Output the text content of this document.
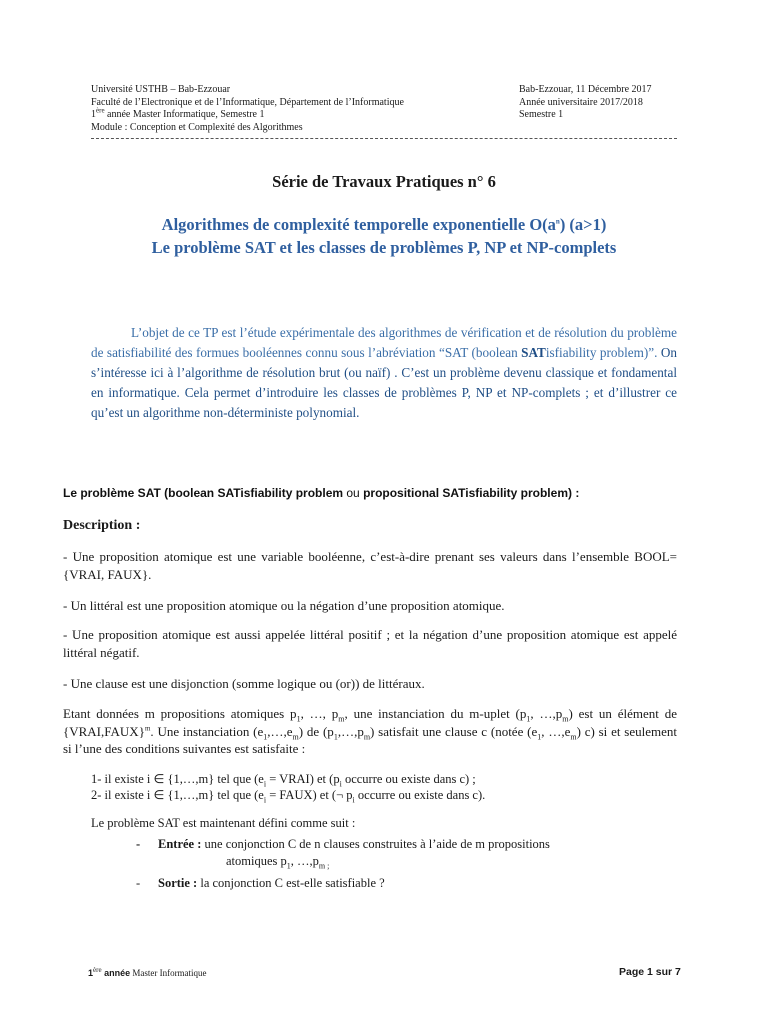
Université USTHB – Bab-Ezzouar
Faculté de l’Electronique et de l’Informatique, Département de l’Informatique
1ère année Master Informatique, Semestre 1
Module : Conception et Complexité des Algorithmes
Bab-Ezzouar, 11 Décembre 2017
Année universitaire 2017/2018
Semestre 1
Série de Travaux Pratiques n° 6
Algorithmes de complexité temporelle exponentielle $O(a^n)$ (a>1)
Le problème SAT et les classes de problèmes P, NP et NP-complets

L’objet de ce TP est l’étude expérimentale des algorithmes de vérification et de résolution du problème de satisfiabilité des formues booléennes connu sous l’abréviation “SAT (boolean SATisfiability problem)”. On s’intéresse ici à l’algorithme de résolution brut (ou naïf) . C’est un problème devenu classique et fondamental en informatique. Cela permet d’introduire les classes de problèmes P, NP et NP-complets ; et d’illustrer ce qu’est un algorithme non-déterministe polynomial.

Le problème SAT (boolean SATisfiability problem ou propositional SATisfiability problem) :
Description :

- Une proposition atomique est une variable booléenne, c’est-à-dire prenant ses valeurs dans l’ensemble BOOL={VRAI, FAUX}.

- Un littéral est une proposition atomique ou la négation d’une proposition atomique.

- Une proposition atomique est aussi appelée littéral positif ; et la négation d’une proposition atomique est appelé littéral négatif.

- Une clause est une disjonction (somme logique ou (or)) de littéraux.

Etant données m propositions atomiques $p_1$, …, $p_m$, une instanciation du m-uplet ($p_1$, $\dots,p_m$) est un élément de {VRAI,FAUX}$^m$. Une instanciation $(e_1,\dots,e_m)$ de $(p_1,\dots,p_m)$ satisfait une clause c (notée ($e_1$, $\dots,e_m$) c) si et seulement si l’une des conditions suivantes est satisfaite :

1- il existe i ∈ {1,…,m} tel que ($e_i$ = VRAI) et ($p_i$ occurre ou existe dans c) ;
2- il existe i ∈ {1,…,m} tel que ($e_i$ = FAUX) et (¬ $p_i$ occurre ou existe dans c).
Le problème SAT est maintenant défini comme suit :
- Entrée : une conjonction C de n clauses construites à l’aide de m propositions
atomiques $p_1$, $\dots,p_{m ;}$
- Sortie : la conjonction C est-elle satisfiable ?
1ère année Master Informatique	Page 1 sur 7
